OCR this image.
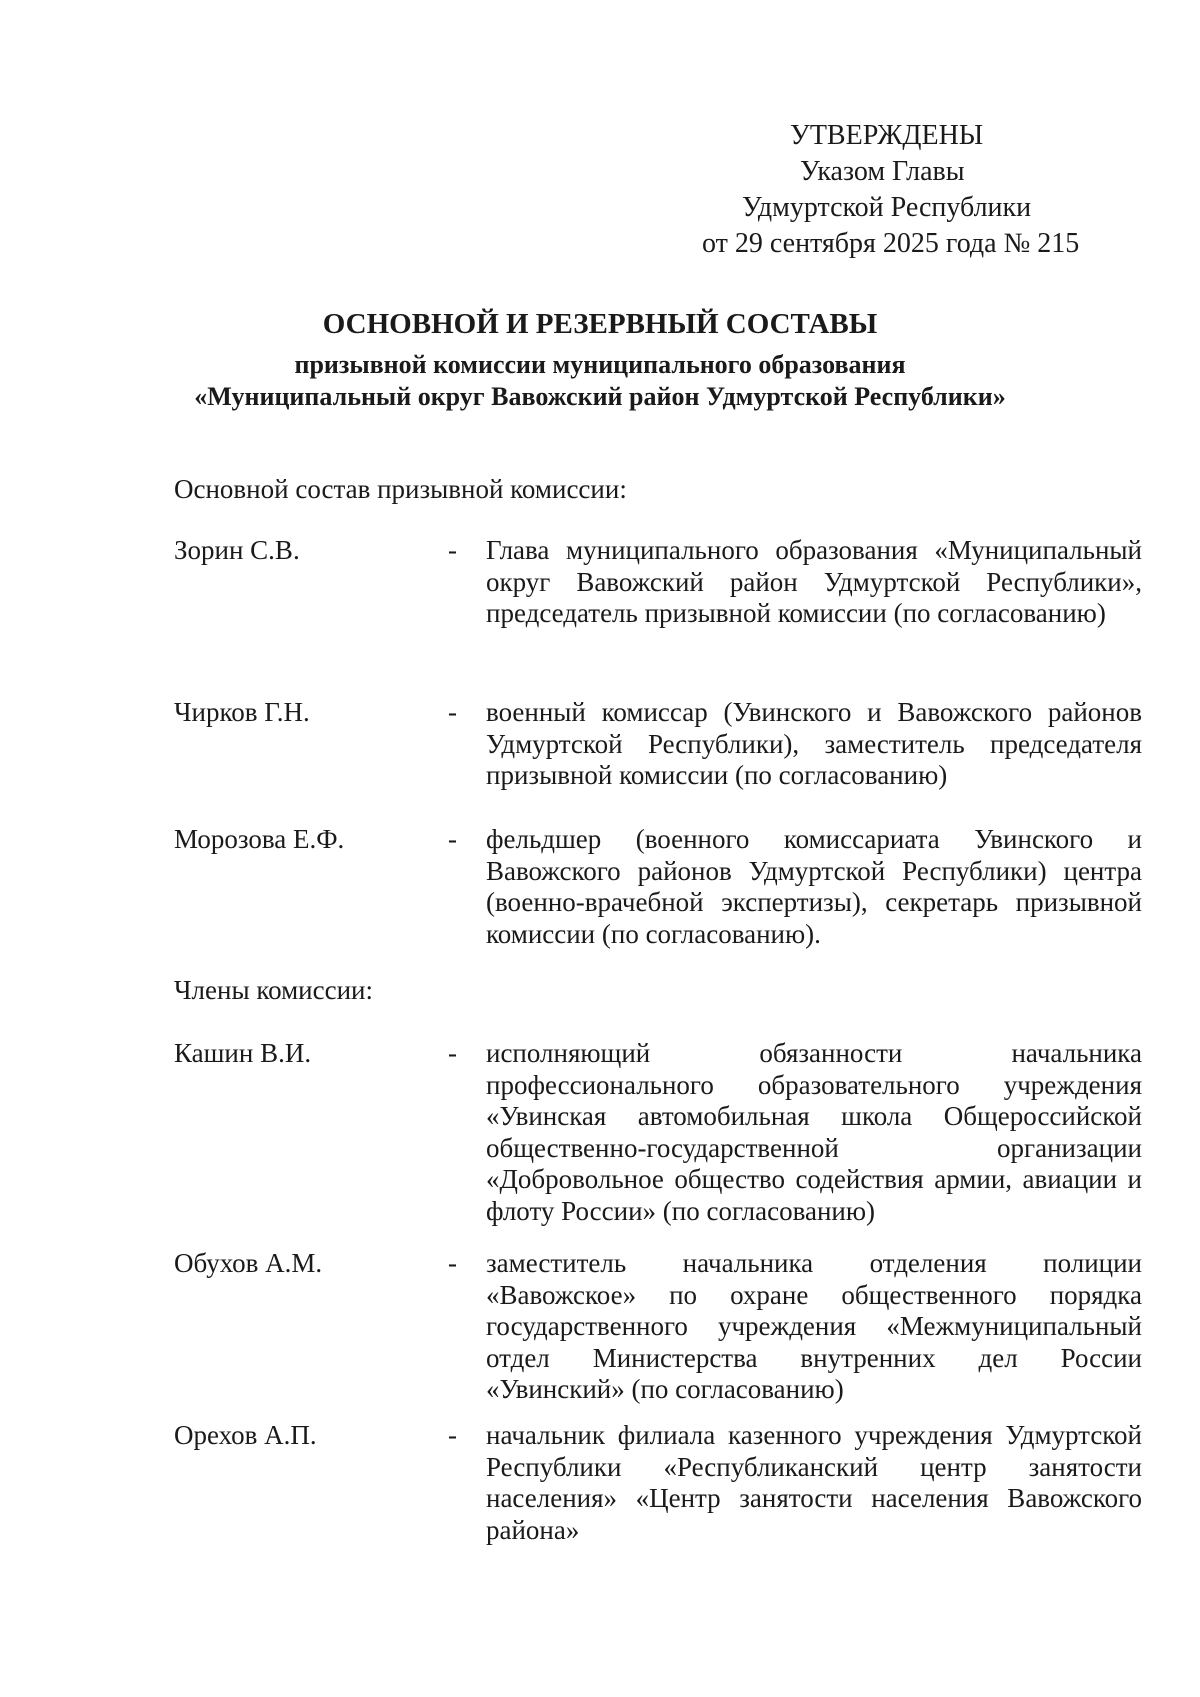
УТВЕРЖДЕНЫ
Указом Главы
Удмуртской Республики
от 29 сентября 2025 года № 215
ОСНОВНОЙ И РЕЗЕРВНЫЙ СОСТАВЫ
призывной комиссии муниципального образования
«Муниципальный округ Вавожский район Удмуртской Республики»
Основной состав призывной комиссии:
Зорин С.В.	- Глава муниципального образования «Муниципальный округ Вавожский район Удмуртской Республики», председатель призывной комиссии (по согласованию)
Чирков Г.Н.	- военный комиссар (Увинского и Вавожского районов Удмуртской Республики), заместитель председателя призывной комиссии (по согласованию)
Морозова Е.Ф.	- фельдшер (военного комиссариата Увинского и Вавожского районов Удмуртской Республики) центра (военно-врачебной экспертизы), секретарь призывной комиссии (по согласованию).
Члены комиссии:
Кашин В.И.	- исполняющий обязанности начальника профессионального образовательного учреждения «Увинская автомобильная школа Общероссийской общественно-государственной организации «Добровольное общество содействия армии, авиации и флоту России» (по согласованию)
Обухов А.М.	- заместитель начальника отделения полиции «Вавожское» по охране общественного порядка государственного учреждения «Межмуниципальный отдел Министерства внутренних дел России «Увинский» (по согласованию)
Орехов А.П.	- начальник филиала казенного учреждения Удмуртской Республики «Республиканский центр занятости населения» «Центр занятости населения Вавожского района»
